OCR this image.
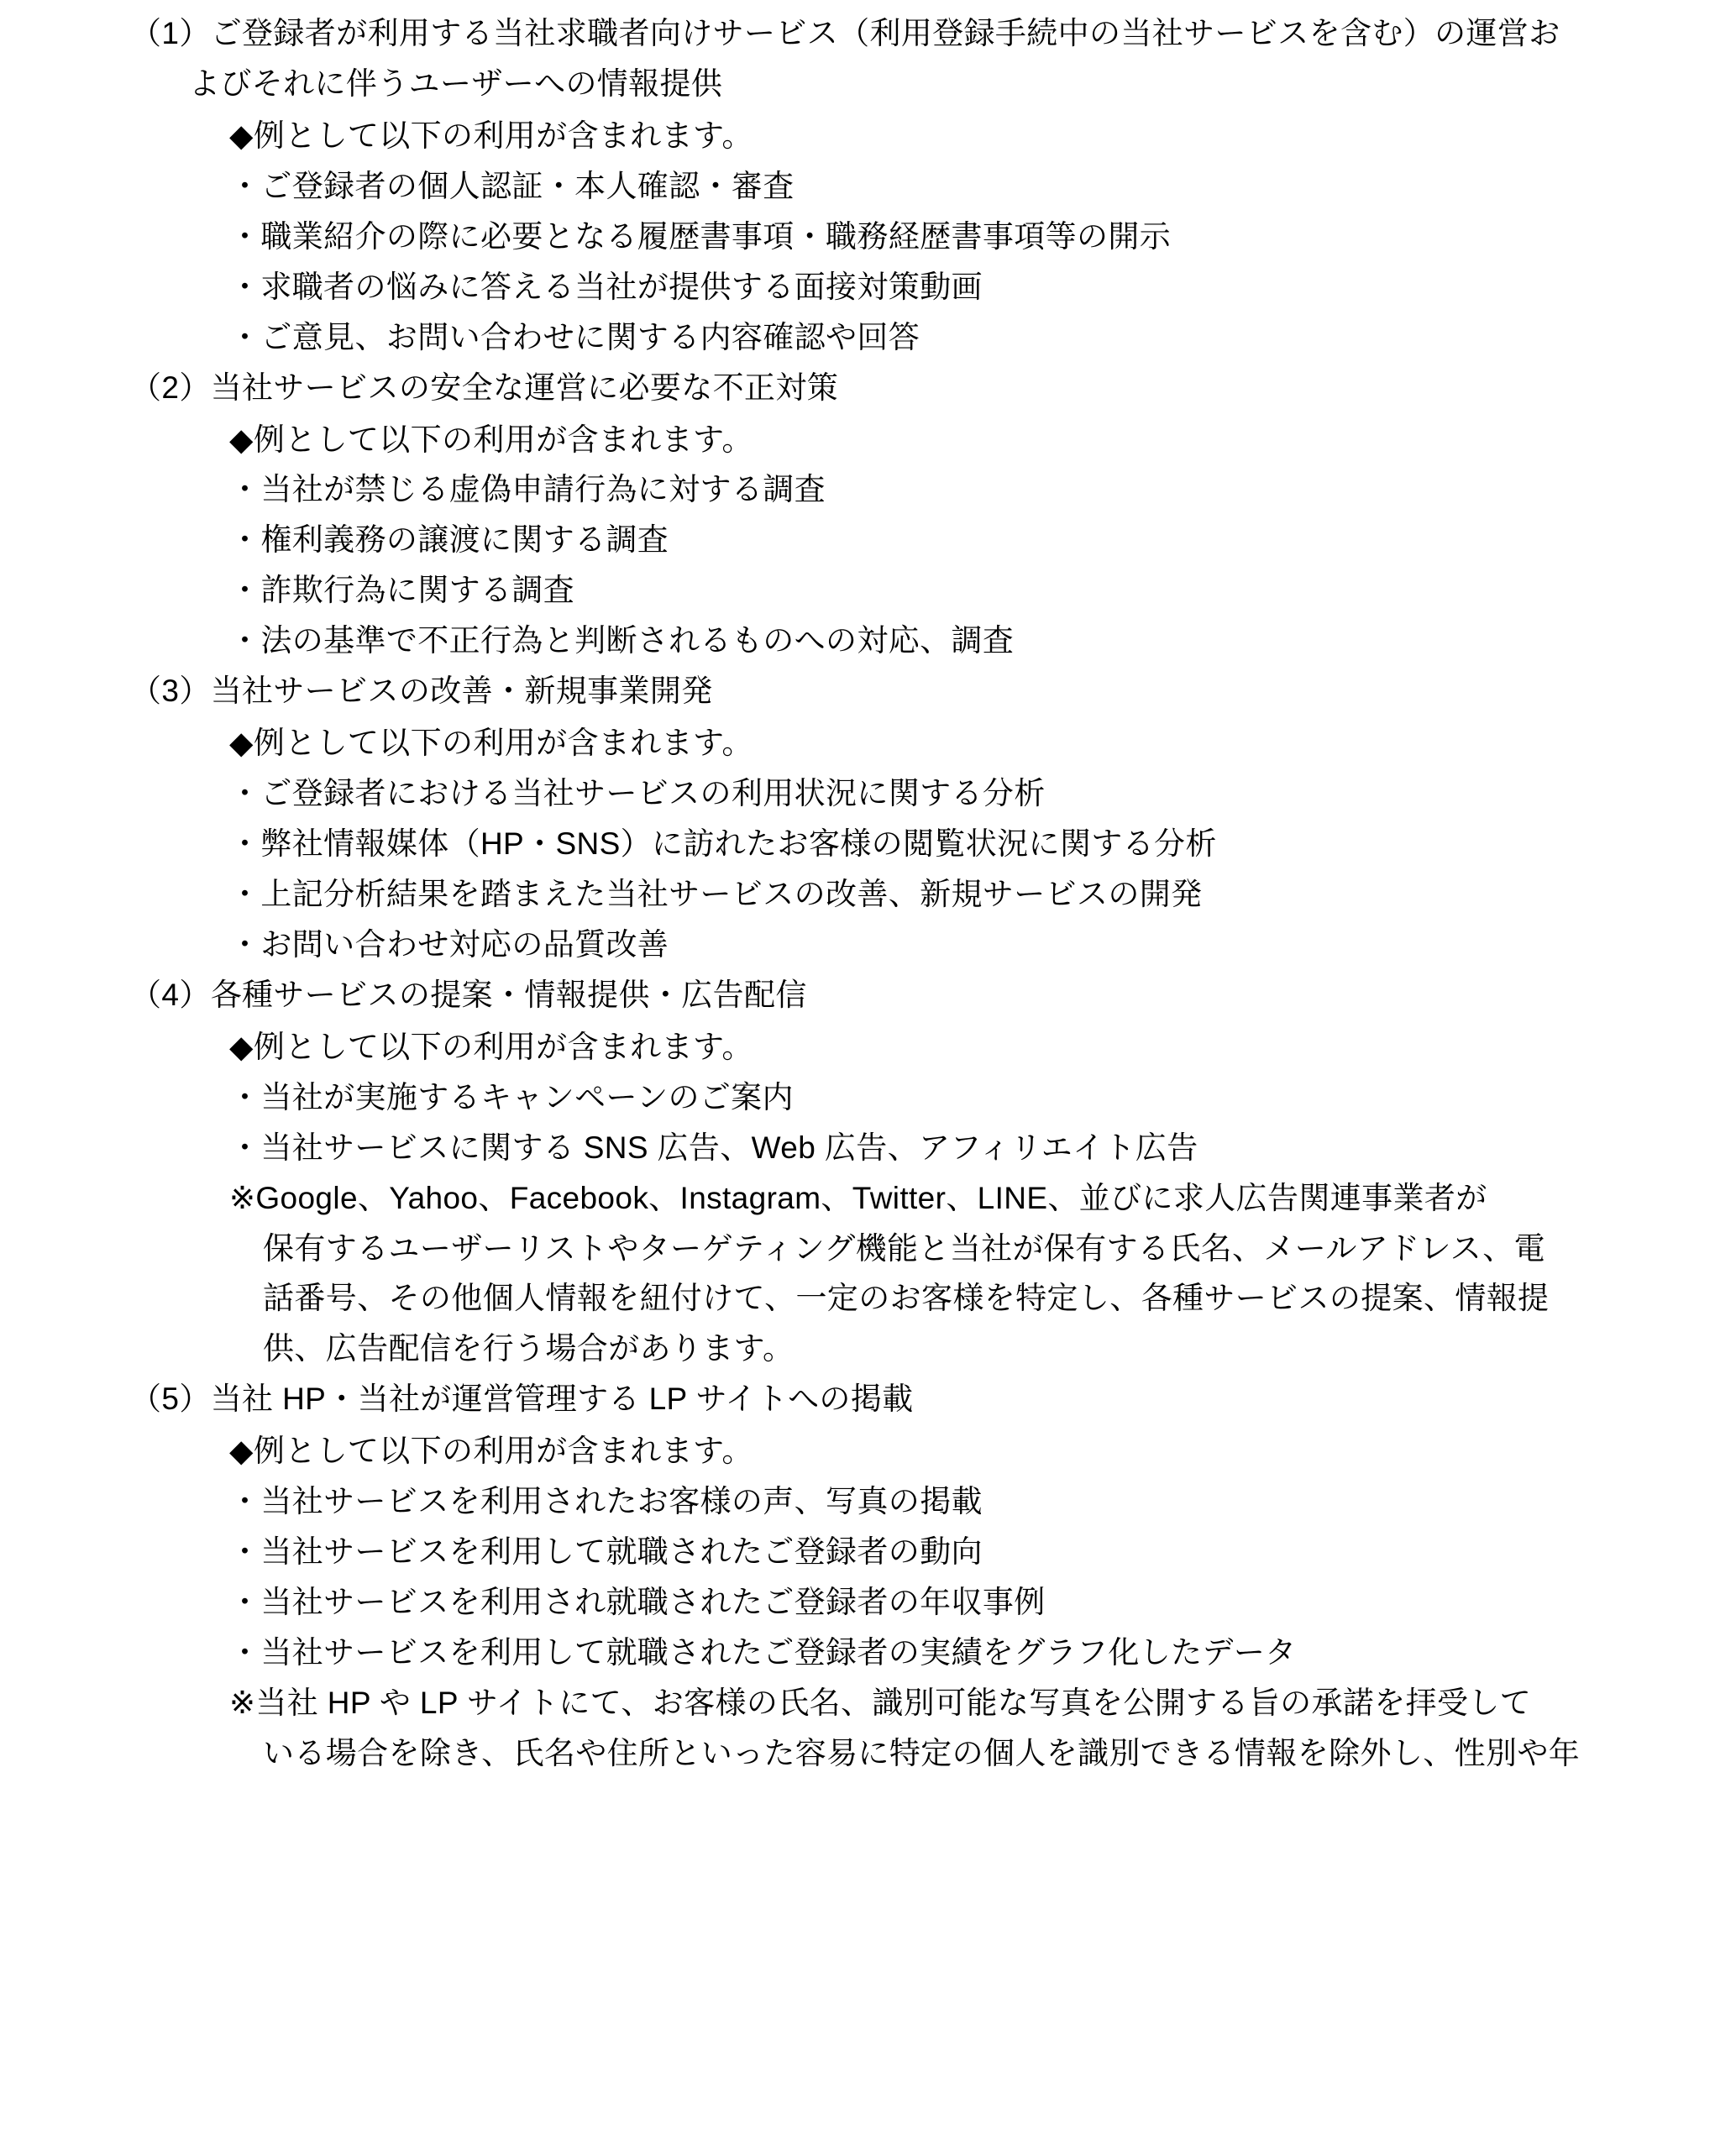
（1）ご登録者が利用する当社求職者向けサービス（利用登録手続中の当社サービスを含む）の運営お
よびそれに伴うユーザーへの情報提供

◆例として以下の利用が含まれます。

・ご登録者の個人認証・本人確認・審査

・職業紹介の際に必要となる履歴書事項・職務経歴書事項等の開示

・求職者の悩みに答える当社が提供する面接対策動画

・ご意見、お問い合わせに関する内容確認や回答

（2）当社サービスの安全な運営に必要な不正対策

◆例として以下の利用が含まれます。

・当社が禁じる虚偽申請行為に対する調査

・権利義務の譲渡に関する調査

・詐欺行為に関する調査

・法の基準で不正行為と判断されるものへの対応、調査

（3）当社サービスの改善・新規事業開発

◆例として以下の利用が含まれます。

・ご登録者における当社サービスの利用状況に関する分析

・弊社情報媒体（HP・SNS）に訪れたお客様の閲覧状況に関する分析

・上記分析結果を踏まえた当社サービスの改善、新規サービスの開発

・お問い合わせ対応の品質改善

（4）各種サービスの提案・情報提供・広告配信

◆例として以下の利用が含まれます。

・当社が実施するキャンペーンのご案内

・当社サービスに関する SNS 広告、Web 広告、アフィリエイト広告

※Google、Yahoo、Facebook、Instagram、Twitter、LINE、並びに求人広告関連事業者が
保有するユーザーリストやターゲティング機能と当社が保有する氏名、メールアドレス、電
話番号、その他個人情報を紐付けて、一定のお客様を特定し、各種サービスの提案、情報提
供、広告配信を行う場合があります。

（5）当社 HP・当社が運営管理する LP サイトへの掲載

◆例として以下の利用が含まれます。

・当社サービスを利用されたお客様の声、写真の掲載

・当社サービスを利用して就職されたご登録者の動向

・当社サービスを利用され就職されたご登録者の年収事例

・当社サービスを利用して就職されたご登録者の実績をグラフ化したデータ

※当社 HP や LP サイトにて、お客様の氏名、識別可能な写真を公開する旨の承諾を拝受して
いる場合を除き、氏名や住所といった容易に特定の個人を識別できる情報を除外し、性別や年
